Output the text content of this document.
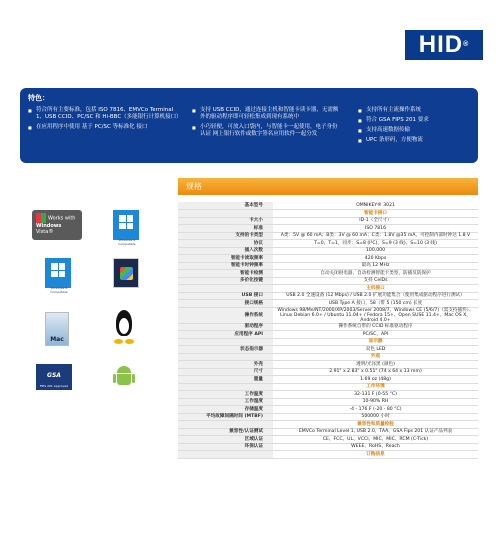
HID®
特色：
■ 符合所有主要标准，包括 ISO 7816、EMVCo Terminal 1、USB CCID、PC/SC 和 Hi-BBC（多能银行计算机接口）
■ 在应用程序中使用 基于 PC/SC 等标准化 接口
■ 支持 USB CCID，通过连接主机和智能卡读卡器，无需额外的驱动程序即可轻松集成到现有系统中
■ 小巧轻便，可放入口袋内，与智能卡一起使用，电子身份认证 网上银行软件或数字签名应用软件一起分发
■ 支持所有主流操作系统
■ 符合 GSA FIPS 201 要求
■ 支持高速数据传输
■ UPC 条形码，方便物流
规格
Works with
Windows
Vista®
Windows 8 Compatible
Windows 8 Compatible
Mac
GSA
FIPS 201 Approved
基本型号	OMNIKEY® 3021
	智能卡接口
卡大小	ID-1（全尺寸）
标准	ISO 7816
支持的卡类型	A类：5V @ 60 mA；B类：3V @ 60 mA；C类：1.8V @35 mA，可控制内部时钟达 1.8 V
协议	T=0、T=1，同步：S=8 (I²C)、S=9 (3 线)、S=10 (3 线)
插入次数	100,000
智能卡读取频率	420 Kbps
智能卡时钟频率	最高 12 MHz
智能卡检测	自动关闭供电器，自动检测智能卡类型，防插反防保护
多价化按键	支持 CeIDs
	主机接口
USB 接口	USB 2.0 全速设备 (12 Mbps) / USB 2.0 扩展功能集合（使用集成驱动程序进行测试）
接口规格	USB Type A 接口，58（带 5 (150 cm) 长度
操作系统	Windows 98/Me/NT/2000/XP/2003/Server 2008/7、Windows CE (5/6/7)（需支持插件）、Linux Debian 6.0+ / Ubuntu 11.04+ / Fedora 15+、Open SUSE 11.4+、Mac OS X、Android 4.0+
驱动程序	操作系统自带的 CCID 标准驱动程序
应用程序 API	PC/SC，API
	显示器
状态指示器	双色 LED
	外观
外壳	透明/光泽黑 (颜色)
尺寸	2.91" x 2.83" x 0.51" (74 x 64 x 13 mm)
重量	1.69 oz (48g)
	工作环境
工作温度	32-131 F (0-55 °C)
工作湿度	10-90% RH
存储温度	-4 - 176 F (-20 - 80 °C)
平均故障间隔时间 (MTBF)	500000 小时
	兼容性和质量检验
兼容性/认证测试	EMVCo Terminal Level 1, USB 2.0、TAA、GSA Fips 201 认证产品列表
区域认证	CE、FCC、UL、VCCI、MIC、MIC、RCM (C-Tick)
环保认证	WEEE、RoHS、Reach
	订购信息
